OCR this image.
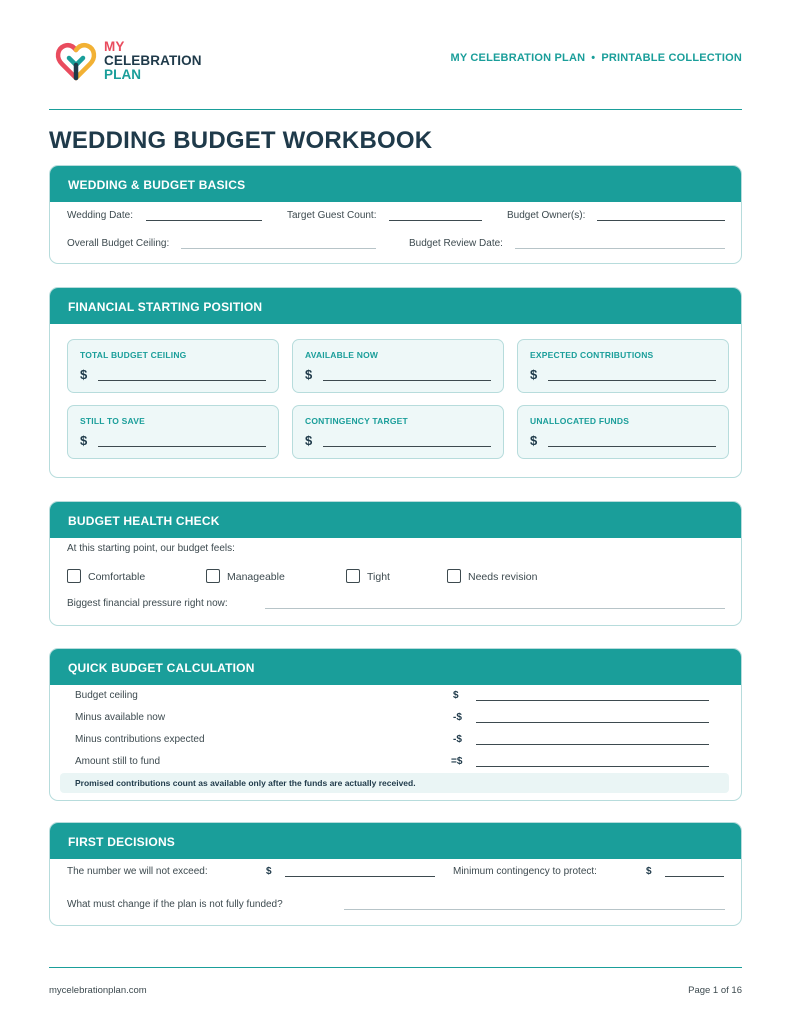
MY
CELEBRATION
PLAN
MY CELEBRATION PLAN • PRINTABLE COLLECTION
WEDDING BUDGET WORKBOOK
WEDDING & BUDGET BASICS
Wedding Date:	Target Guest Count:	Budget Owner(s):
Overall Budget Ceiling:	Budget Review Date:
FINANCIAL STARTING POSITION
TOTAL BUDGET CEILING
$
AVAILABLE NOW
$
EXPECTED CONTRIBUTIONS
$
STILL TO SAVE
$
CONTINGENCY TARGET
$
UNALLOCATED FUNDS
$
BUDGET HEALTH CHECK
At this starting point, our budget feels:
Comfortable	Manageable	Tight	Needs revision
Biggest financial pressure right now:
QUICK BUDGET CALCULATION
Budget ceiling	$
Minus available now	-$
Minus contributions expected	-$
Amount still to fund	=$
Promised contributions count as available only after the funds are actually received.
FIRST DECISIONS
The number we will not exceed:	$	Minimum contingency to protect:	$
What must change if the plan is not fully funded?
mycelebrationplan.com	Page 1 of 16
